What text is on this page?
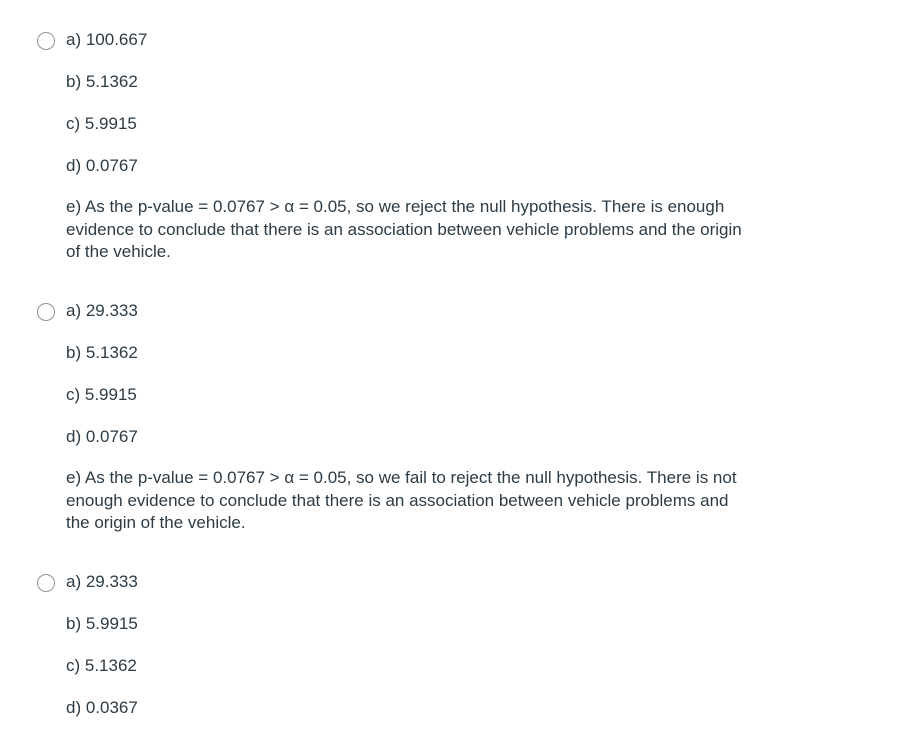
a) 100.667
b) 5.1362
c) 5.9915
d) 0.0767
e) As the p-value = 0.0767 > α = 0.05, so we reject the null hypothesis. There is enough evidence to conclude that there is an association between vehicle problems and the origin of the vehicle.
a) 29.333
b) 5.1362
c) 5.9915
d) 0.0767
e) As the p-value = 0.0767 > α = 0.05, so we fail to reject the null hypothesis. There is not enough evidence to conclude that there is an association between vehicle problems and the origin of the vehicle.
a) 29.333
b) 5.9915
c) 5.1362
d) 0.0367
